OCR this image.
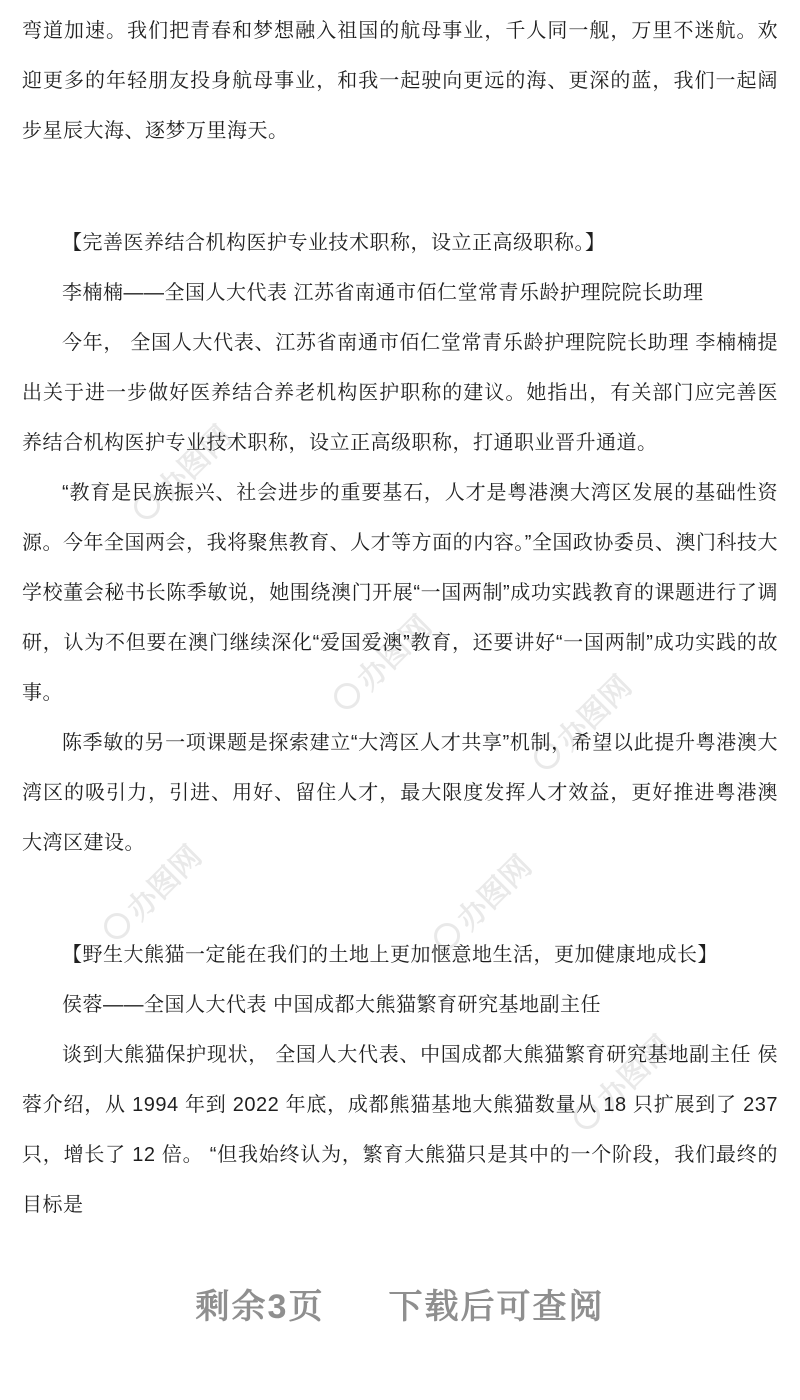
办图网
办图网
办图网
办图网	办图网
办图网

弯道加速。我们把青春和梦想融入祖国的航母事业，千人同一舰，万里不迷航。欢迎更多的年轻朋友投身航母事业，和我一起驶向更远的海、更深的蓝，我们一起阔步星辰大海、逐梦万里海天。

【完善医养结合机构医护专业技术职称，设立正高级职称。】

李楠楠——全国人大代表 江苏省南通市佰仁堂常青乐龄护理院院长助理

今年， 全国人大代表、江苏省南通市佰仁堂常青乐龄护理院院长助理 李楠楠提出关于进一步做好医养结合养老机构医护职称的建议。她指出，有关部门应完善医养结合机构医护专业技术职称，设立正高级职称，打通职业晋升通道。

“教育是民族振兴、社会进步的重要基石，人才是粤港澳大湾区发展的基础性资源。今年全国两会，我将聚焦教育、人才等方面的内容。”全国政协委员、澳门科技大学校董会秘书长陈季敏说，她围绕澳门开展“一国两制”成功实践教育的课题进行了调研，认为不但要在澳门继续深化“爱国爱澳”教育，还要讲好“一国两制”成功实践的故事。

陈季敏的另一项课题是探索建立“大湾区人才共享”机制，希望以此提升粤港澳大湾区的吸引力，引进、用好、留住人才，最大限度发挥人才效益，更好推进粤港澳大湾区建设。

【野生大熊猫一定能在我们的土地上更加惬意地生活，更加健康地成长】

侯蓉——全国人大代表 中国成都大熊猫繁育研究基地副主任

谈到大熊猫保护现状， 全国人大代表、中国成都大熊猫繁育研究基地副主任 侯蓉介绍，从 1994 年到 2022 年底，成都熊猫基地大熊猫数量从 18 只扩展到了 237 只，增长了 12 倍。 “但我始终认为，繁育大熊猫只是其中的一个阶段，我们最终的目标是

剩余3页 下载后可查阅
